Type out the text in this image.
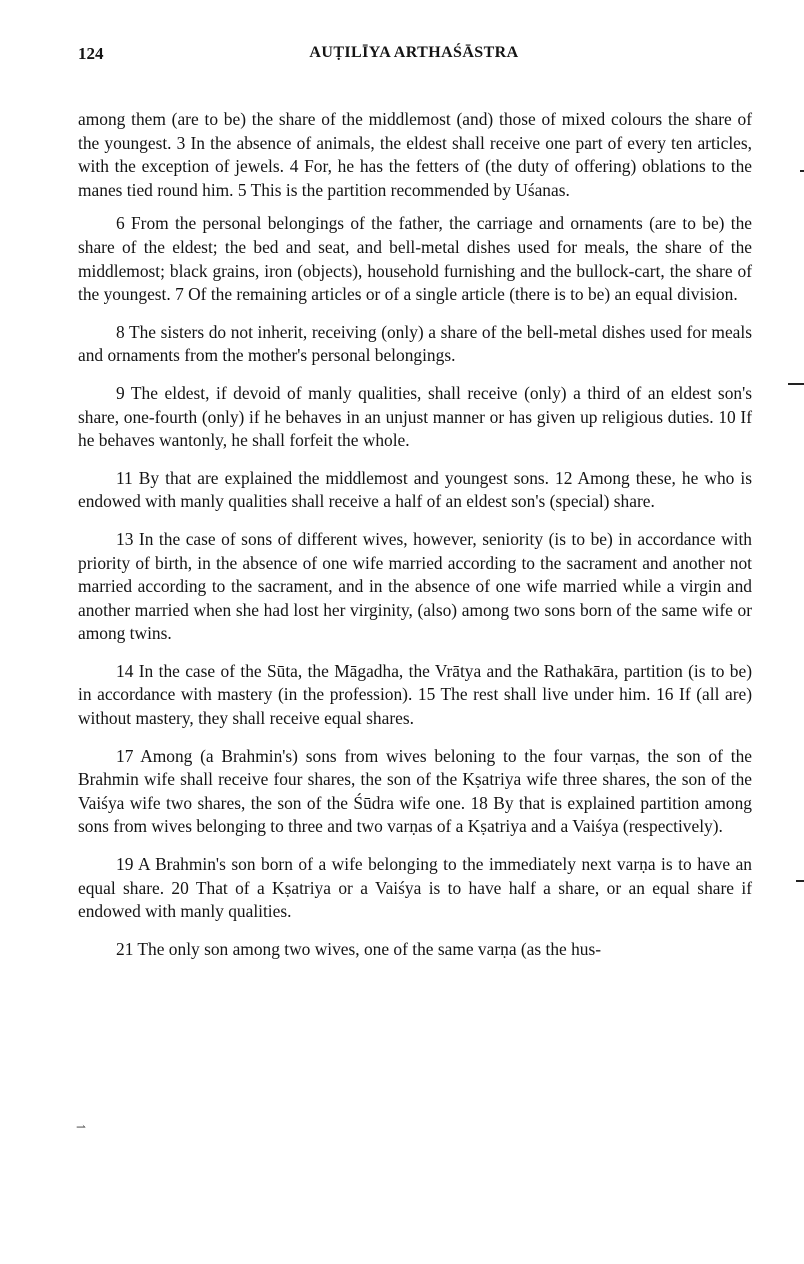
124	AUṬILĪYA ARTHAŚĀSTRA

among them (are to be) the share of the middlemost (and) those of mixed colours the share of the youngest. 3 In the absence of animals, the eldest shall receive one part of every ten articles, with the exception of jewels. 4 For, he has the fetters of (the duty of offering) oblations to the manes tied round him. 5 This is the partition recommended by Uśanas.

6 From the personal belongings of the father, the carriage and ornaments (are to be) the share of the eldest; the bed and seat, and bell-metal dishes used for meals, the share of the middlemost; black grains, iron (objects), household furnishing and the bullock-cart, the share of the youngest. 7 Of the remaining articles or of a single article (there is to be) an equal division.

8 The sisters do not inherit, receiving (only) a share of the bell-metal dishes used for meals and ornaments from the mother's personal belongings.

9 The eldest, if devoid of manly qualities, shall receive (only) a third of an eldest son's share, one-fourth (only) if he behaves in an unjust manner or has given up religious duties. 10 If he behaves wantonly, he shall forfeit the whole.

11 By that are explained the middlemost and youngest sons. 12 Among these, he who is endowed with manly qualities shall receive a half of an eldest son's (special) share.

13 In the case of sons of different wives, however, seniority (is to be) in accordance with priority of birth, in the absence of one wife married according to the sacrament and another not married according to the sacrament, and in the absence of one wife married while a virgin and another married when she had lost her virginity, (also) among two sons born of the same wife or among twins.

14 In the case of the Sūta, the Māgadha, the Vrātya and the Rathakāra, partition (is to be) in accordance with mastery (in the profession). 15 The rest shall live under him. 16 If (all are) without mastery, they shall receive equal shares.

17 Among (a Brahmin's) sons from wives beloning to the four varṇas, the son of the Brahmin wife shall receive four shares, the son of the Kṣatriya wife three shares, the son of the Vaiśya wife two shares, the son of the Śūdra wife one. 18 By that is explained partition among sons from wives belonging to three and two varṇas of a Kṣatriya and a Vaiśya (respectively).

19 A Brahmin's son born of a wife belonging to the immediately next varṇa is to have an equal share. 20 That of a Kṣatriya or a Vaiśya is to have half a share, or an equal share if endowed with manly qualities.

21 The only son among two wives, one of the same varṇa (as the hus-

⇀
